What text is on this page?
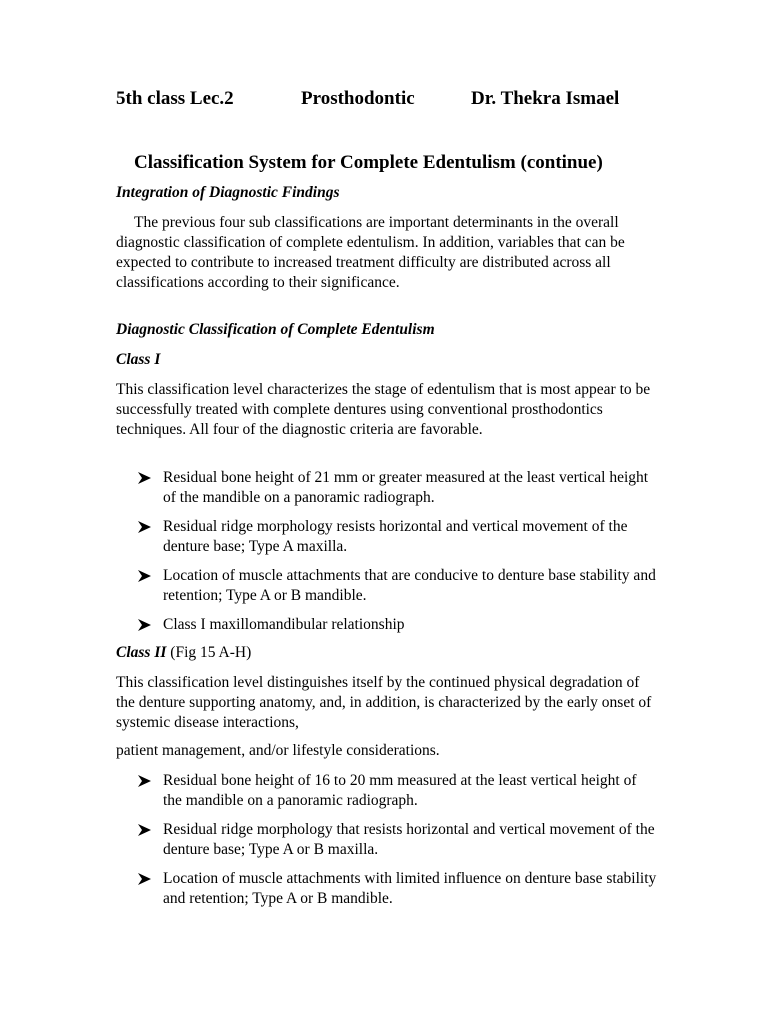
5th class Lec.2	Prosthodontic	Dr. Thekra Ismael
Classification System for Complete Edentulism (continue)
Integration of Diagnostic Findings
The previous four sub classifications are important determinants in the overall diagnostic classification of complete edentulism. In addition, variables that can be expected to contribute to increased treatment difficulty are distributed across all classifications according to their significance.
Diagnostic Classification of Complete Edentulism
Class I
This classification level characterizes the stage of edentulism that is most appear to be successfully treated with complete dentures using conventional prosthodontics techniques. All four of the diagnostic criteria are favorable.
Residual bone height of 21 mm or greater measured at the least vertical height of the mandible on a panoramic radiograph.
Residual ridge morphology resists horizontal and vertical movement of the denture base; Type A maxilla.
Location of muscle attachments that are conducive to denture base stability and retention; Type A or B mandible.
Class I maxillomandibular relationship
Class II (Fig 15 A-H)
This classification level distinguishes itself by the continued physical degradation of the denture supporting anatomy, and, in addition, is characterized by the early onset of systemic disease interactions,
patient management, and/or lifestyle considerations.
Residual bone height of 16 to 20 mm measured at the least vertical height of the mandible on a panoramic radiograph.
Residual ridge morphology that resists horizontal and vertical movement of the denture base; Type A or B maxilla.
Location of muscle attachments with limited influence on denture base stability and retention; Type A or B mandible.
